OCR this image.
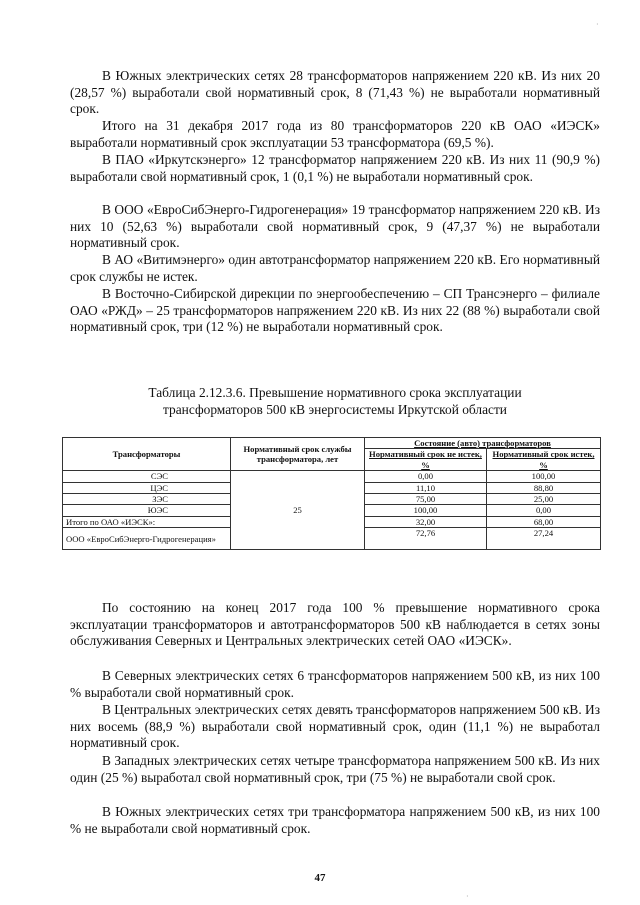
В Южных электрических сетях 28 трансформаторов напряжением 220 кВ. Из них 20 (28,57 %) выработали свой нормативный срок, 8 (71,43 %) не выработали нормативный срок.

Итого на 31 декабря 2017 года из 80 трансформаторов 220 кВ ОАО «ИЭСК» выработали нормативный срок эксплуатации 53 трансформатора (69,5 %).

В ПАО «Иркутскэнерго» 12 трансформатор напряжением 220 кВ. Из них 11 (90,9 %) выработали свой нормативный срок, 1 (0,1 %) не выработали нормативный срок.

В ООО «ЕвроСибЭнерго-Гидрогенерация» 19 трансформатор напряжением 220 кВ. Из них 10 (52,63 %) выработали свой нормативный срок, 9 (47,37 %) не выработали нормативный срок.

В АО «Витимэнерго» один автотрансформатор напряжением 220 кВ. Его нормативный срок службы не истек.

В Восточно-Сибирской дирекции по энергообеспечению – СП Трансэнерго – филиале ОАО «РЖД» – 25 трансформаторов напряжением 220 кВ. Из них 22 (88 %) выработали свой нормативный срок, три (12 %) не выработали нормативный срок.

Таблица 2.12.3.6. Превышение нормативного срока эксплуатации

трансформаторов 500 кВ энергосистемы Иркутской области

Трансформаторы	Нормативный срок службы трансформатора, лет	Состояние (авто) трансформаторов	
		Нормативный срок не истек, %	Нормативный срок истек, %
СЭС	25	0,00	100,00
ЦЭС		11,10	88,80
ЗЭС		75,00	25,00
ЮЭС		100,00	0,00
Итого по ОАО «ИЭСК»:		32,00	68,00
ООО «ЕвроСибЭнерго-Гидрогенерация»		72,76	27,24

По состоянию на конец 2017 года 100 % превышение нормативного срока эксплуатации трансформаторов и автотрансформаторов 500 кВ наблюдается в сетях зоны обслуживания Северных и Центральных электрических сетей ОАО «ИЭСК».

В Северных электрических сетях 6 трансформаторов напряжением 500 кВ, из них 100 % выработали свой нормативный срок.

В Центральных электрических сетях девять трансформаторов напряжением 500 кВ. Из них восемь (88,9 %) выработали свой нормативный срок, один (11,1 %) не выработал нормативный срок.

В Западных электрических сетях четыре трансформатора напряжением 500 кВ. Из них один (25 %) выработал свой нормативный срок, три (75 %) не выработали свой срок.

В Южных электрических сетях три трансформатора напряжением 500 кВ, из них 100 % не выработали свой нормативный срок.

47
·
·
